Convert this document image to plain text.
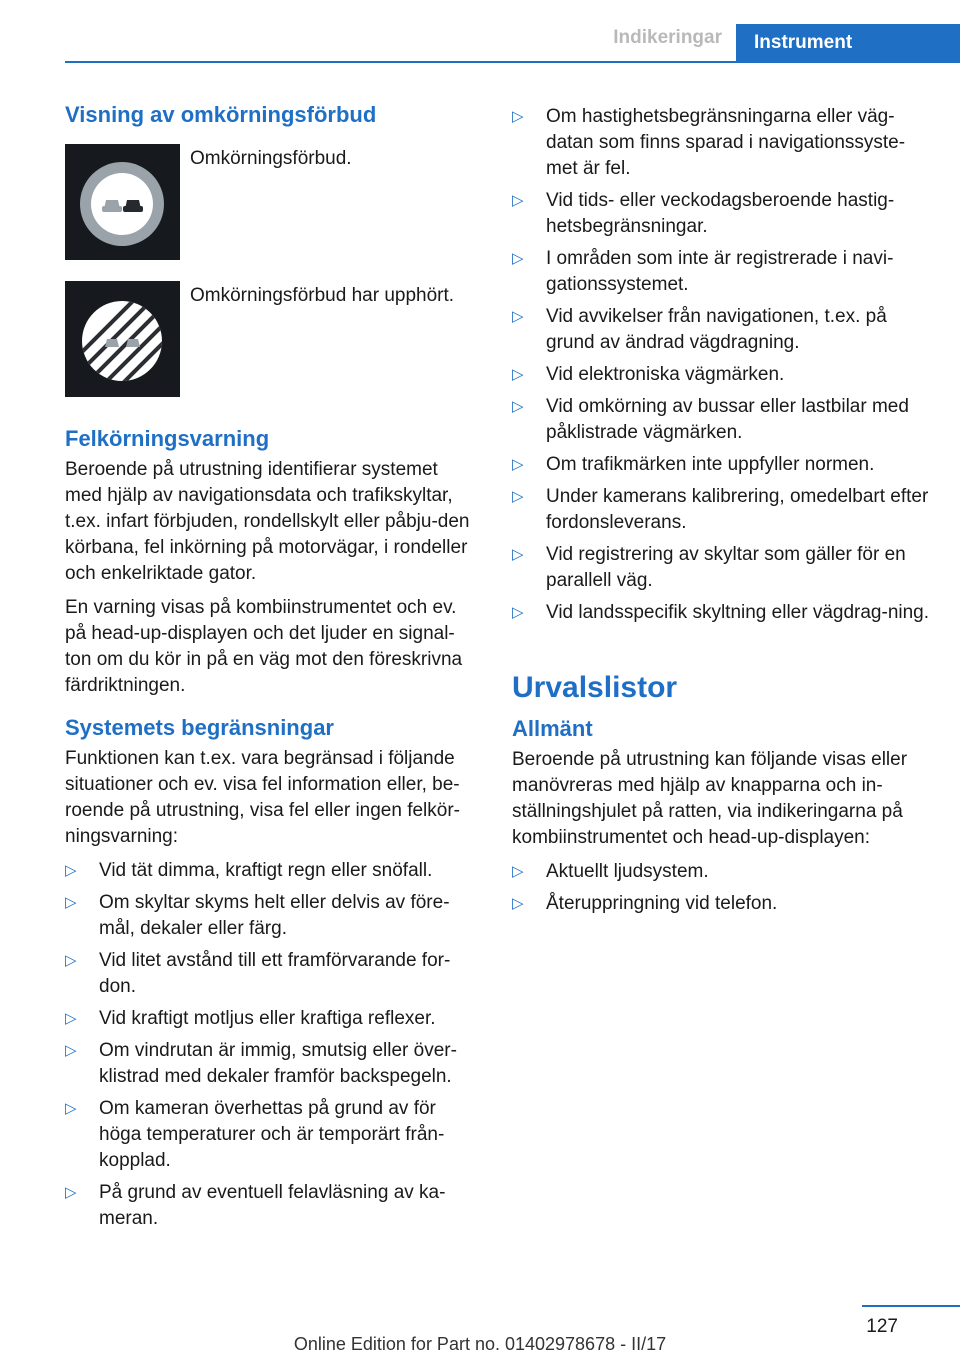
Indikeringar	Instrument
Visning av omkörningsförbud
Omkörningsförbud.
Omkörningsförbud har upphört.
Felkörningsvarning

Beroende på utrustning identifierar systemet med hjälp av navigationsdata och trafikskyltar, t.ex. infart förbjuden, rondellskylt eller påbju‐den körbana, fel inkörning på motorvägar, i rondeller och enkelriktade gator.

En varning visas på kombiinstrumentet och ev. på head-up-displayen och det ljuder en signal‐ton om du kör in på en väg mot den föreskrivna färdriktningen.

Systemets begränsningar

Funktionen kan t.ex. vara begränsad i följande situationer och ev. visa fel information eller, be‐roende på utrustning, visa fel eller ingen felkör‐ningsvarning:

▷ Vid tät dimma, kraftigt regn eller snöfall.
▷ Om skyltar skyms helt eller delvis av före‐mål, dekaler eller färg.
▷ Vid litet avstånd till ett framförvarande for‐don.
▷ Vid kraftigt motljus eller kraftiga reflexer.
▷ Om vindrutan är immig, smutsig eller över‐klistrad med dekaler framför backspegeln.
▷ Om kameran överhettas på grund av för höga temperaturer och är temporärt från‐kopplad.
▷ På grund av eventuell felavläsning av ka‐meran.
▷ Om hastighetsbegränsningarna eller väg‐datan som finns sparad i navigationssyste‐met är fel.
▷ Vid tids- eller veckodagsberoende hastig‐hetsbegränsningar.
▷ I områden som inte är registrerade i navi‐gationssystemet.
▷ Vid avvikelser från navigationen, t.ex. på grund av ändrad vägdragning.
▷ Vid elektroniska vägmärken.
▷ Vid omkörning av bussar eller lastbilar med påklistrade vägmärken.
▷ Om trafikmärken inte uppfyller normen.
▷ Under kamerans kalibrering, omedelbart efter fordonsleverans.
▷ Vid registrering av skyltar som gäller för en parallell väg.
▷ Vid landsspecifik skyltning eller vägdrag‐ning.
Urvalslistor
Allmänt

Beroende på utrustning kan följande visas eller manövreras med hjälp av knapparna och in‐ställningshjulet på ratten, via indikeringarna på kombiinstrumentet och head-up-displayen:

▷ Aktuellt ljudsystem.
▷ Återuppringning vid telefon.
127
Online Edition for Part no. 01402978678 - II/17
